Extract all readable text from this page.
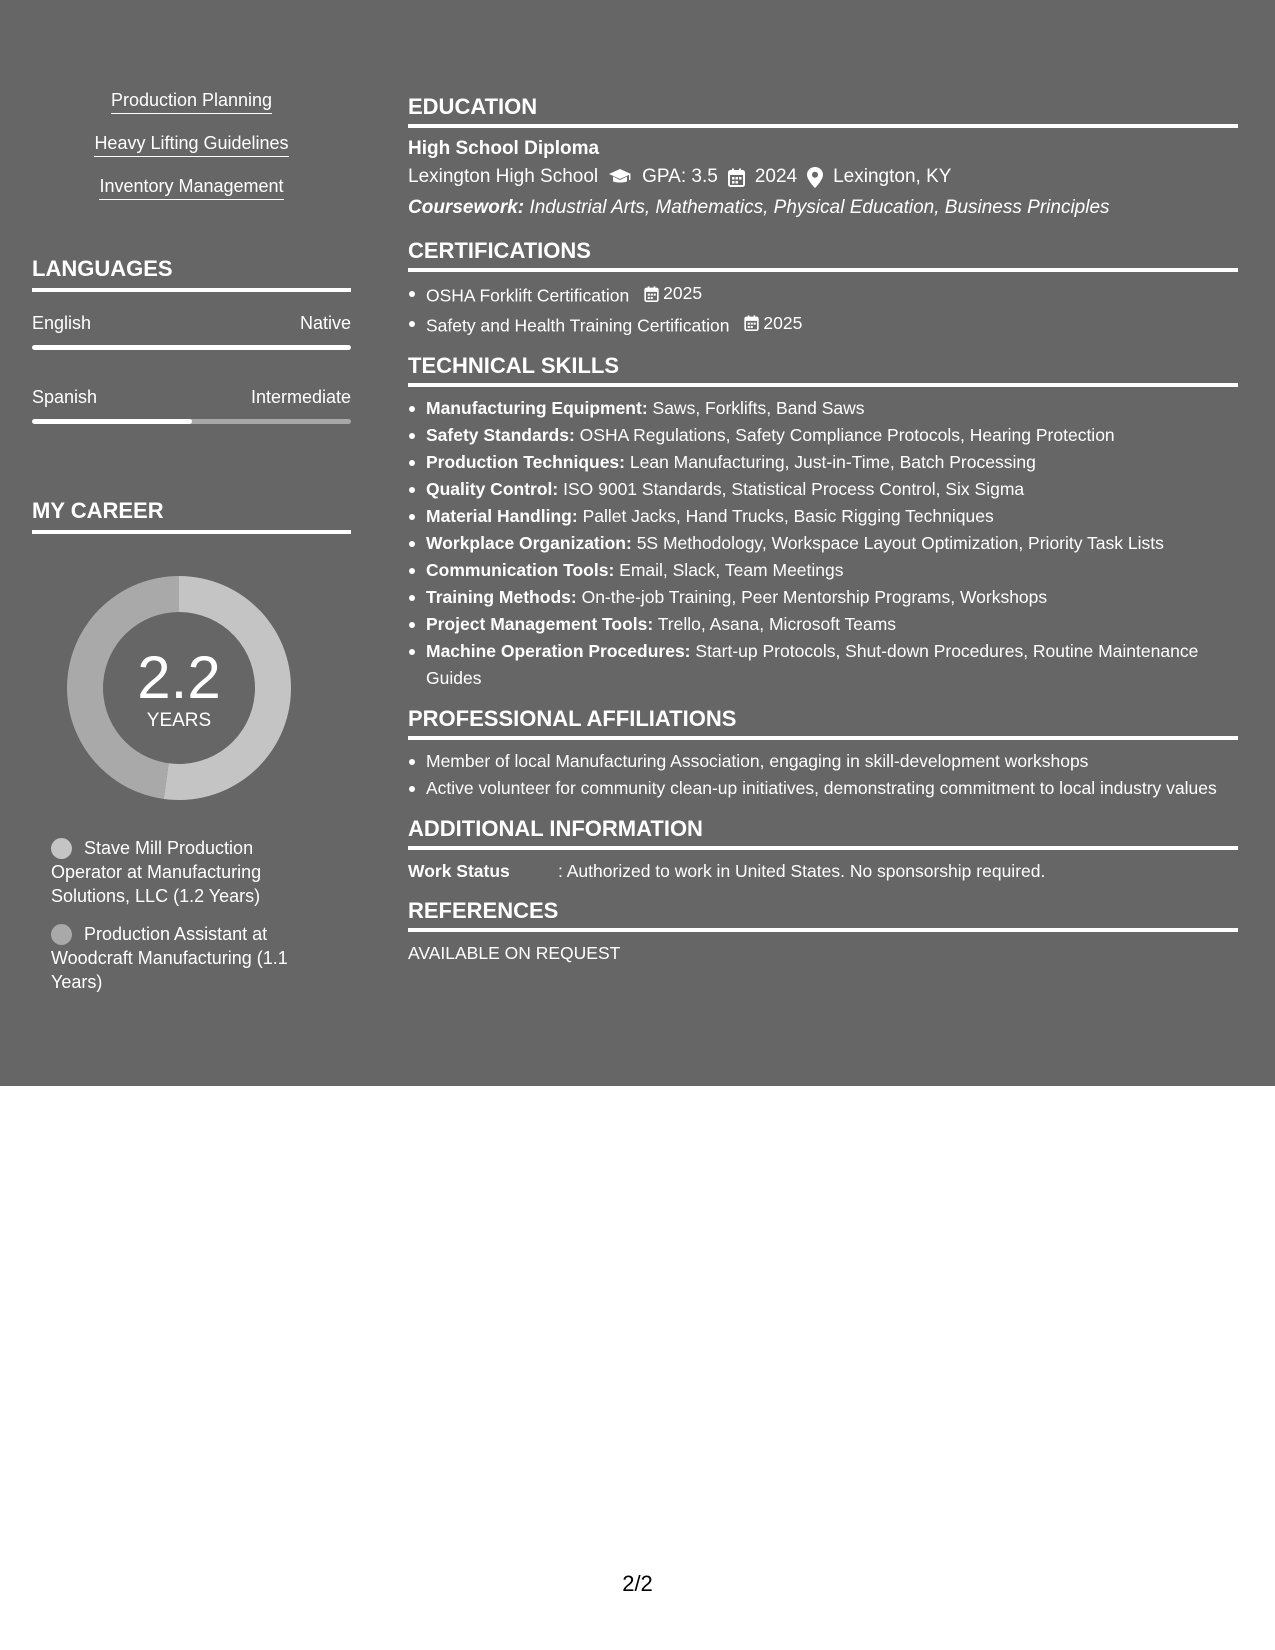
Production Planning
Heavy Lifting Guidelines
Inventory Management
LANGUAGES
English	Native
Spanish	Intermediate
MY CAREER
2.2
YEARS
Stave Mill Production Operator at Manufacturing Solutions, LLC (1.2 Years)
Production Assistant at Woodcraft Manufacturing (1.1 Years)
EDUCATION
High School Diploma
Lexington High School GPA: 3.5 2024 Lexington, KY
Coursework: Industrial Arts, Mathematics, Physical Education, Business Principles
CERTIFICATIONS
OSHA Forklift Certification 2025
Safety and Health Training Certification 2025
TECHNICAL SKILLS
Manufacturing Equipment: Saws, Forklifts, Band Saws
Safety Standards: OSHA Regulations, Safety Compliance Protocols, Hearing Protection
Production Techniques: Lean Manufacturing, Just-in-Time, Batch Processing
Quality Control: ISO 9001 Standards, Statistical Process Control, Six Sigma
Material Handling: Pallet Jacks, Hand Trucks, Basic Rigging Techniques
Workplace Organization: 5S Methodology, Workspace Layout Optimization, Priority Task Lists
Communication Tools: Email, Slack, Team Meetings
Training Methods: On-the-job Training, Peer Mentorship Programs, Workshops
Project Management Tools: Trello, Asana, Microsoft Teams
Machine Operation Procedures: Start-up Protocols, Shut-down Procedures, Routine Maintenance Guides
PROFESSIONAL AFFILIATIONS
Member of local Manufacturing Association, engaging in skill-development workshops
Active volunteer for community clean-up initiatives, demonstrating commitment to local industry values
ADDITIONAL INFORMATION
Work Status	: Authorized to work in United States. No sponsorship required.
REFERENCES
AVAILABLE ON REQUEST
2/2
